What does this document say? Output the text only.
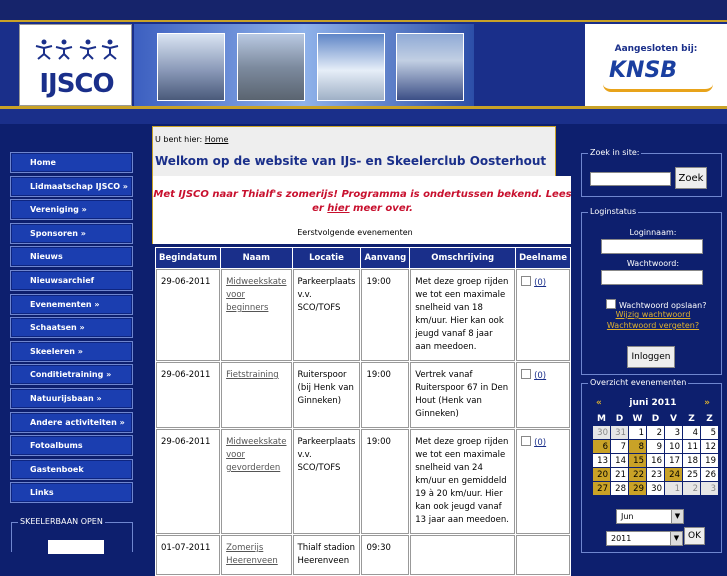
IJSCO
Aangesloten bij:
KNSB
Home
Lidmaatschap IJSCO »
Vereniging »
Sponsoren »
Nieuws
Nieuwsarchief
Evenementen »
Schaatsen »
Skeeleren »
Conditietraining »
Natuurijsbaan »
Andere activiteiten »
Fotoalbums
Gastenboek
Links
SKEELERBAAN OPEN
U bent hier: Home
Welkom op de website van IJs- en Skeelerclub Oosterhout
Met IJSCO naar Thialf's zomerijs! Programma is ondertussen bekend. Lees er hier meer over.
Eerstvolgende evenementen
Begindatum	Naam	Locatie	Aanvang	Omschrijving	Deelname
29-06-2011	Midweekskate voor beginners	Parkeerplaats v.v. SCO/TOFS	19:00	Met deze groep rijden we tot een maximale snelheid van 18 km/uur. Hier kan ook jeugd vanaf 8 jaar aan meedoen.	(0)
29-06-2011	Fietstraining	Ruiterspoor (bij Henk van Ginneken)	19:00	Vertrek vanaf Ruiterspoor 67 in Den Hout (Henk van Ginneken)	(0)
29-06-2011	Midweekskate voor gevorderden	Parkeerplaats v.v. SCO/TOFS	19:00	Met deze groep rijden we tot een maximale snelheid van 24 km/uur en gemiddeld 19 à 20 km/uur. Hier kan ook jeugd vanaf 13 jaar aan meedoen.	(0)
01-07-2011	Zomerijs Heerenveen	Thialf stadion Heerenveen	09:30		
Zoek in site:
Zoek
Loginstatus
Loginnaam:
Wachtwoord:
Wachtwoord opslaan?
Wijzig wachtwoord
Wachtwoord vergeten?
Inloggen
Overzicht evenementen
juni 2011
«	»
M	D	W	D	V	Z	Z
30	31	1	2	3	4	5
6	7	8	9	10	11	12
13	14	15	16	17	18	19
20	21	22	23	24	25	26
27	28	29	30	1	2	3
Jun	▼
2011	▼ OK
